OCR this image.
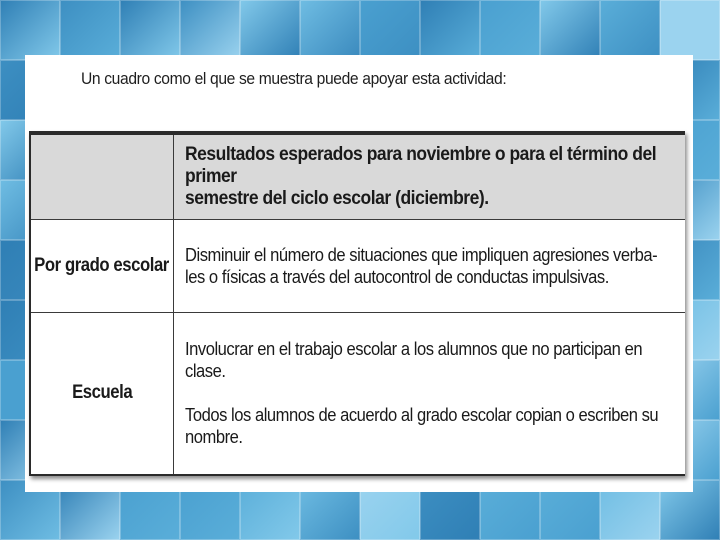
Un cuadro como el que se muestra puede apoyar esta actividad:

Resultados esperados para noviembre o para el término del primer

semestre del ciclo escolar (diciembre).

Por grado escolar Disminuir el número de situaciones que impliquen agresiones verba-

les o físicas a través del autocontrol de conductas impulsivas.

Escuela

Involucrar en el trabajo escolar a los alumnos que no participan en
clase.

Todos los alumnos de acuerdo al grado escolar copian o escriben su
nombre.
